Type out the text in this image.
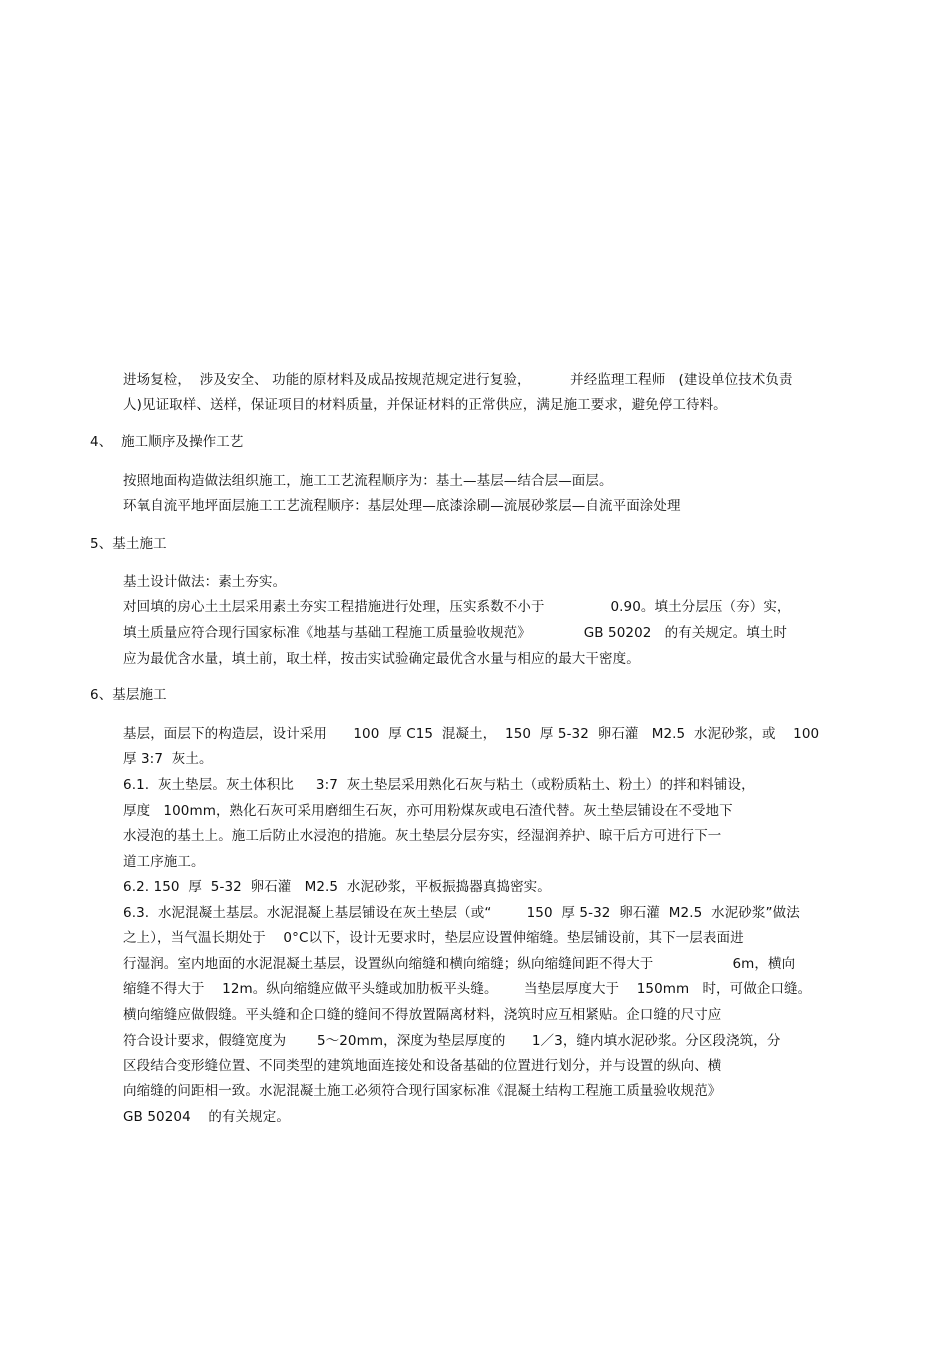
进场复检，  涉及安全、 功能的原材料及成品按规范规定进行复验，         并经监理工程师   (建设单位技术负责
人)见证取样、送样，保证项目的材料质量，并保证材料的正常供应，满足施工要求，避免停工待料。
4、  施工顺序及操作工艺
按照地面构造做法组织施工，施工工艺流程顺序为：基土—基层—结合层—面层。
环氧自流平地坪面层施工工艺流程顺序：基层处理—底漆涂刷—流展砂浆层—自流平面涂处理
5、基土施工
基土设计做法：素土夯实。
对回填的房心土土层采用素土夯实工程措施进行处理，压实系数不小于               0.90。填土分层压（夯）实，
填土质量应符合现行国家标准《地基与基础工程施工质量验收规范》            GB 50202   的有关规定。填土时
应为最优含水量，填土前，取土样，按击实试验确定最优含水量与相应的最大干密度。
6、基层施工
基层，面层下的构造层，设计采用      100  厚 C15  混凝土，  150  厚 5-32  卵石灌   M2.5  水泥砂浆，或    100
厚 3:7  灰土。
6.1.  灰土垫层。灰土体积比     3:7  灰土垫层采用熟化石灰与粘土（或粉质粘土、粉土）的拌和料铺设，
厚度   100mm，熟化石灰可采用磨细生石灰，亦可用粉煤灰或电石渣代替。灰土垫层铺设在不受地下
水浸泡的基土上。施工后防止水浸泡的措施。灰土垫层分层夯实，经湿润养护、晾干后方可进行下一
道工序施工。
6.2. 150  厚  5-32  卵石灌   M2.5  水泥砂浆，平板振捣器真捣密实。
6.3.  水泥混凝土基层。水泥混凝上基层铺设在灰土垫层（或“        150  厚 5-32  卵石灌  M2.5  水泥砂浆”做法
之上），当气温长期处于    0°C以下，设计无要求时，垫层应设置伸缩缝。垫层铺设前，其下一层表面进
行湿润。室内地面的水泥混凝土基层，设置纵向缩缝和横向缩缝；纵向缩缝间距不得大于                  6m，横向
缩缝不得大于    12m。纵向缩缝应做平头缝或加肋板平头缝。      当垫层厚度大于    150mm   时，可做企口缝。
横向缩缝应做假缝。平头缝和企口缝的缝间不得放置隔离材料，浇筑时应互相紧贴。企口缝的尺寸应
符合设计要求，假缝宽度为       5～20mm，深度为垫层厚度的      1／3，缝内填水泥砂浆。分区段浇筑，分
区段结合变形缝位置、不同类型的建筑地面连接处和设备基础的位置进行划分，并与设置的纵向、横
向缩缝的问距相一致。水泥混凝土施工必须符合现行国家标准《混凝土结构工程施工质量验收规范》
GB 50204    的有关规定。
